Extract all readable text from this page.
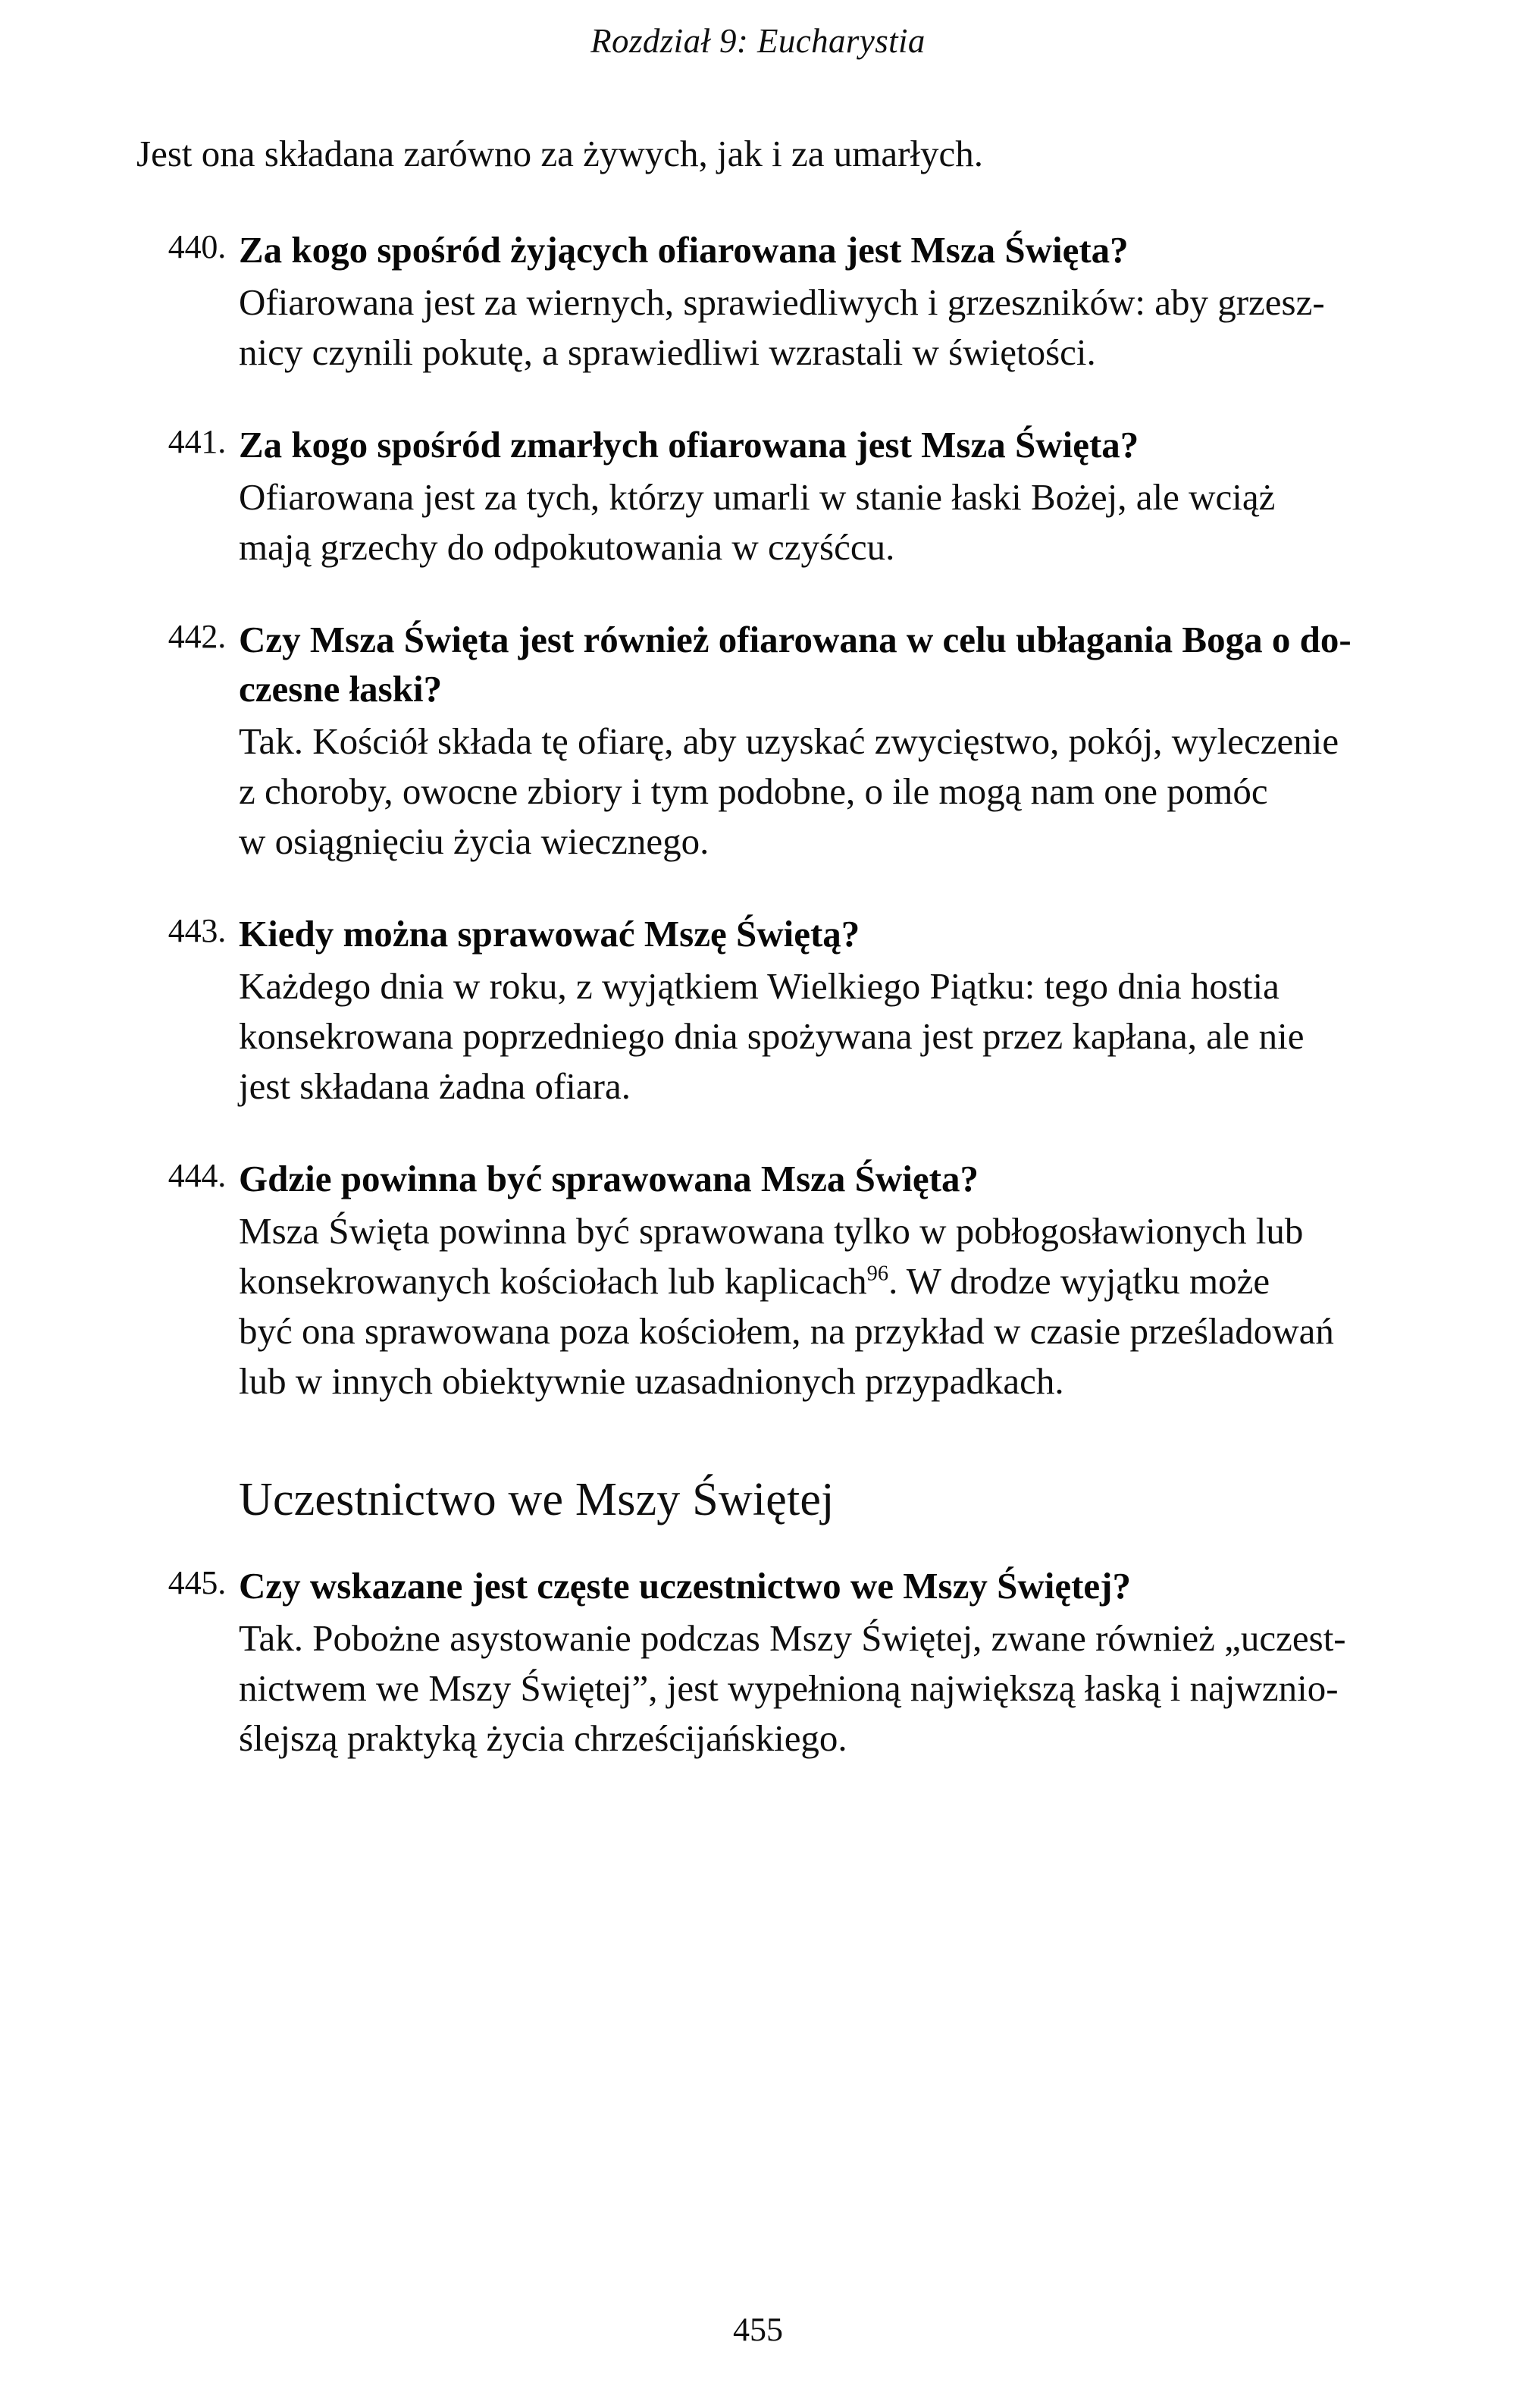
Rozdział 9: Eucharystia

Jest ona składana zarówno za żywych, jak i za umarłych.

440. Za kogo spośród żyjących ofiarowana jest Msza Święta?

Ofiarowana jest za wiernych, sprawiedliwych i grzeszników: aby grzesz-
nicy czynili pokutę, a sprawiedliwi wzrastali w świętości.

441. Za kogo spośród zmarłych ofiarowana jest Msza Święta?

Ofiarowana jest za tych, którzy umarli w stanie łaski Bożej, ale wciąż
mają grzechy do odpokutowania w czyśćcu.

442. Czy Msza Święta jest również ofiarowana w celu ubłagania Boga o do-
czesne łaski?

Tak. Kościół składa tę ofiarę, aby uzyskać zwycięstwo, pokój, wyleczenie
z choroby, owocne zbiory i tym podobne, o ile mogą nam one pomóc
w osiągnięciu życia wiecznego.

443. Kiedy można sprawować Mszę Świętą?

Każdego dnia w roku, z wyjątkiem Wielkiego Piątku: tego dnia hostia
konsekrowana poprzedniego dnia spożywana jest przez kapłana, ale nie
jest składana żadna ofiara.

444. Gdzie powinna być sprawowana Msza Święta?

Msza Święta powinna być sprawowana tylko w pobłogosławionych lub
konsekrowanych kościołach lub kaplicach$^{96}$. W drodze wyjątku może
być ona sprawowana poza kościołem, na przykład w czasie prześladowań
lub w innych obiektywnie uzasadnionych przypadkach.

Uczestnictwo we Mszy Świętej
445. Czy wskazane jest częste uczestnictwo we Mszy Świętej?

Tak. Pobożne asystowanie podczas Mszy Świętej, zwane również „uczest-
nictwem we Mszy Świętej”, jest wypełnioną największą łaską i najwznio-
ślejszą praktyką życia chrześcijańskiego.

455
